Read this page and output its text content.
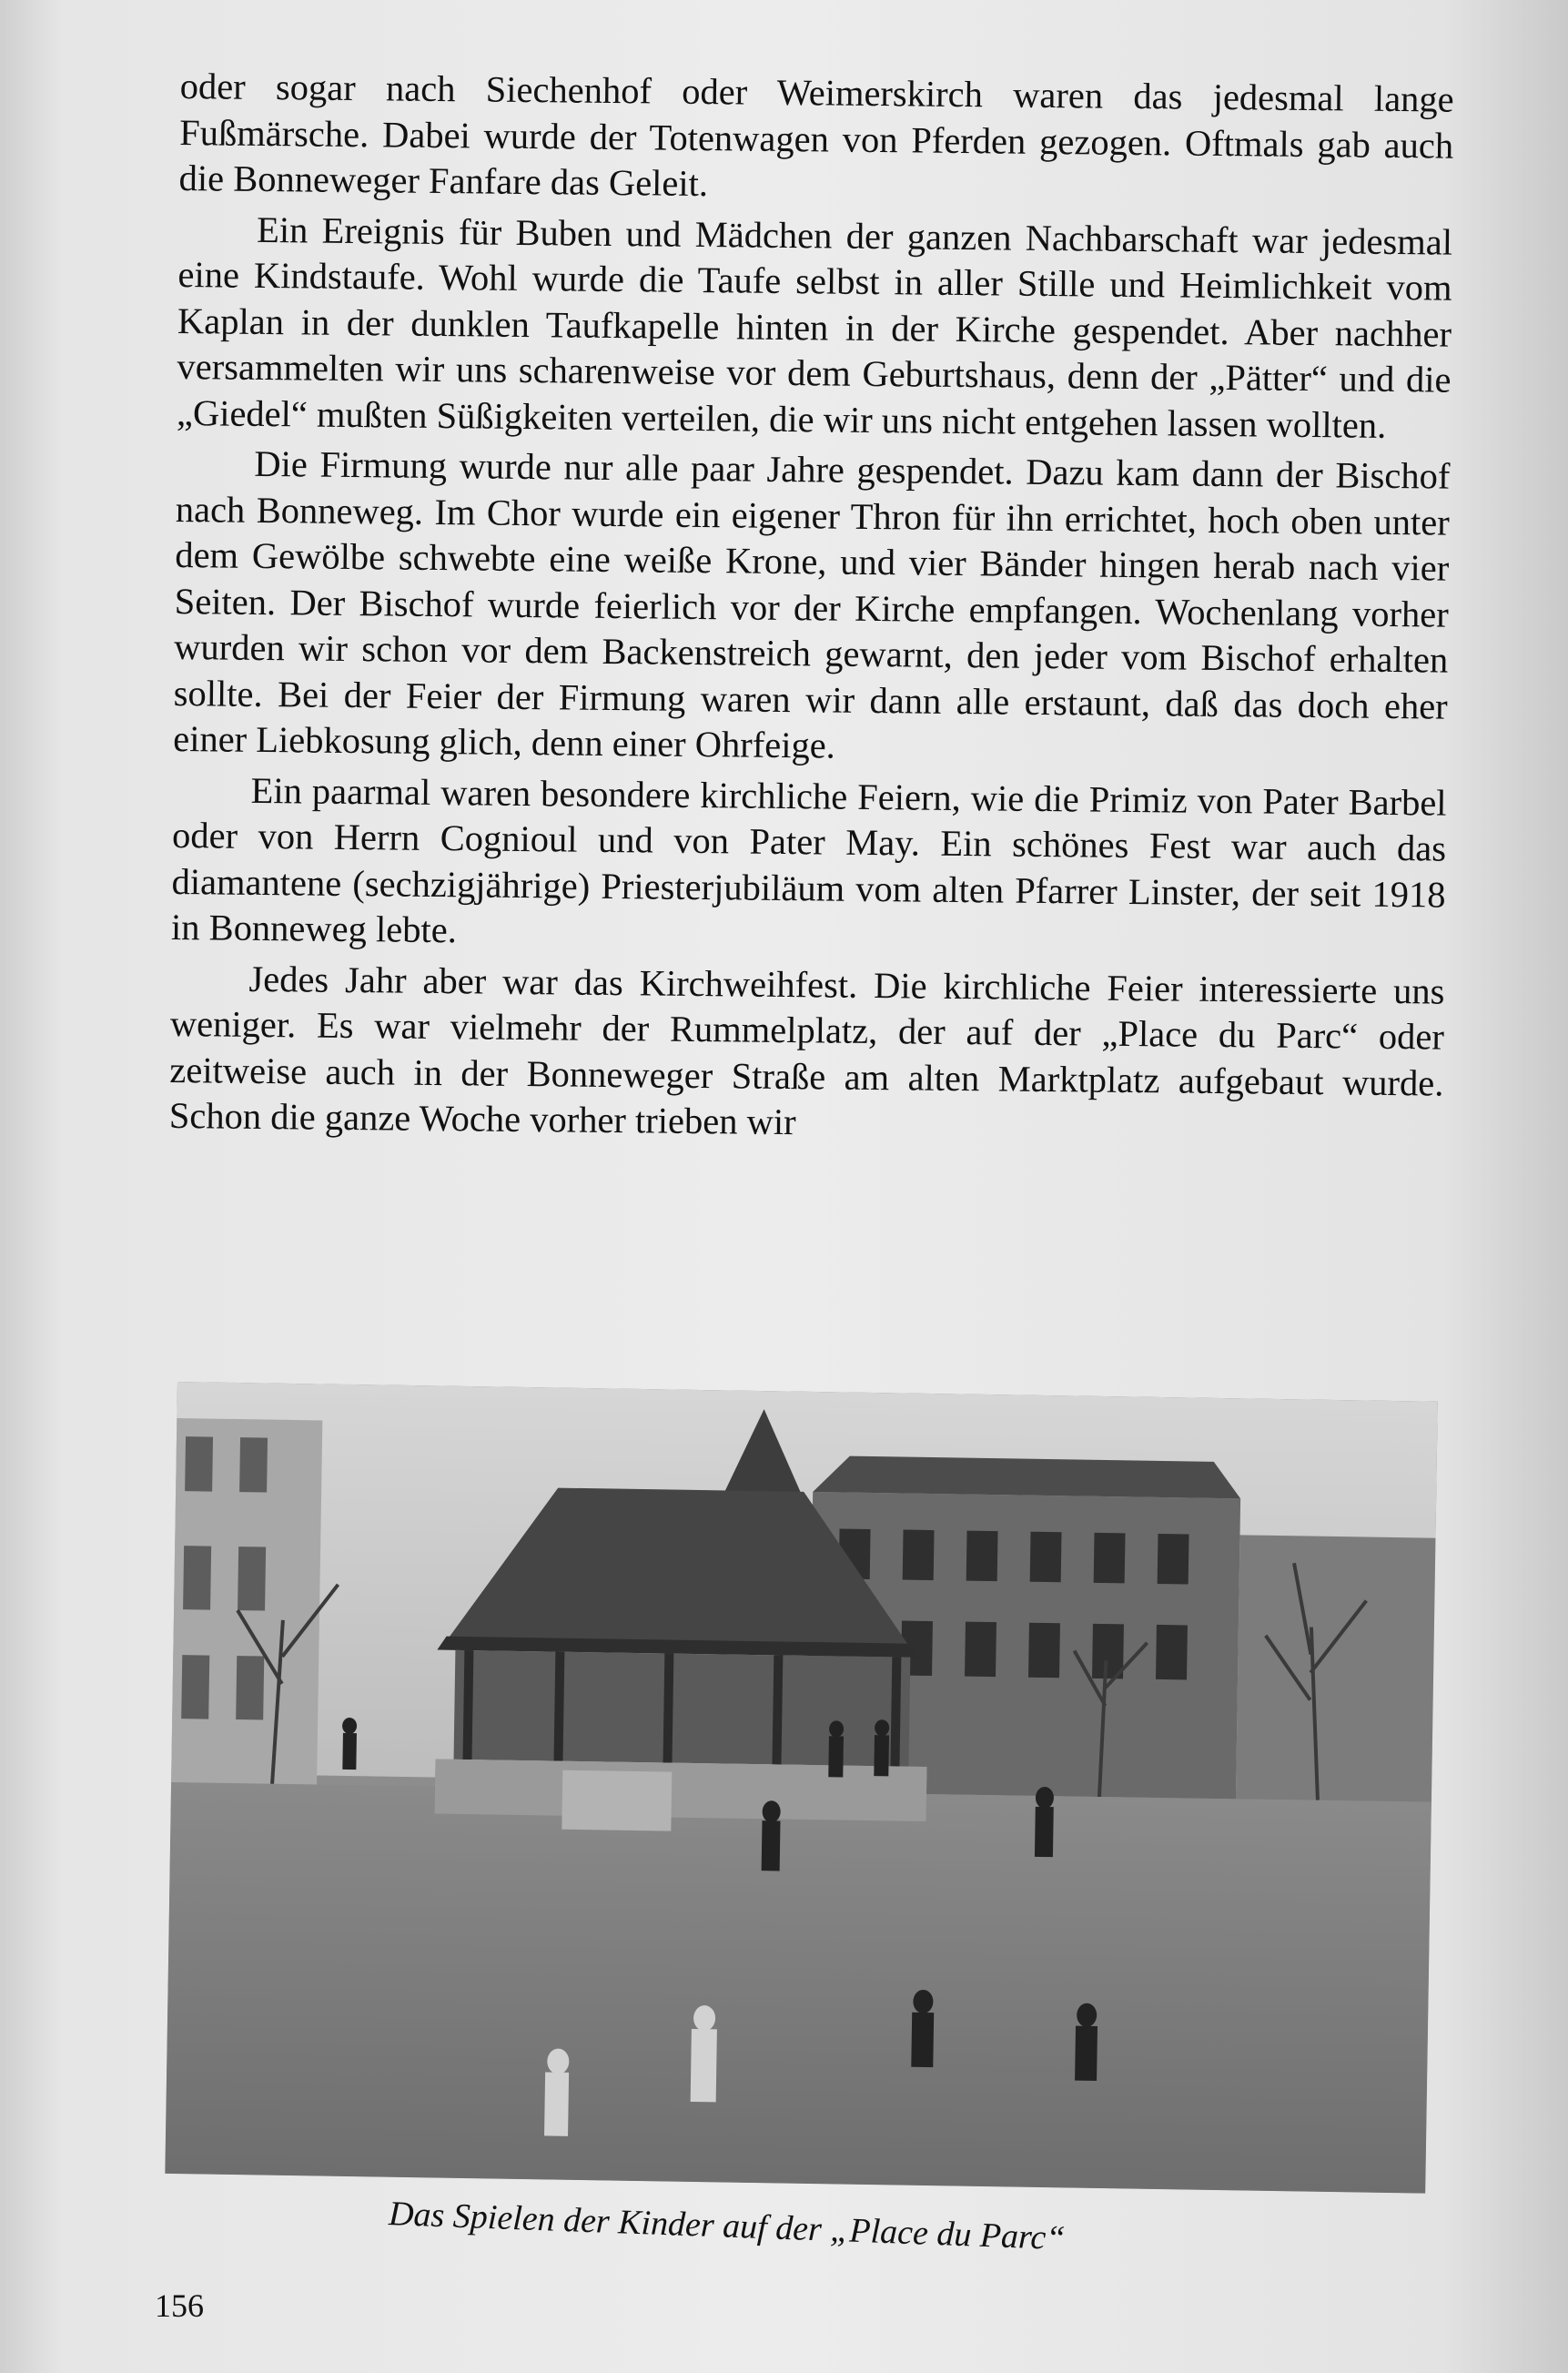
oder sogar nach Siechenhof oder Weimerskirch waren das jedesmal lange Fußmärsche. Dabei wurde der Totenwagen von Pferden gezogen. Oftmals gab auch die Bonneweger Fanfare das Geleit.

Ein Ereignis für Buben und Mädchen der ganzen Nachbarschaft war jedesmal eine Kindstaufe. Wohl wurde die Taufe selbst in aller Stille und Heimlichkeit vom Kaplan in der dunklen Taufkapelle hinten in der Kirche gespendet. Aber nachher versammelten wir uns scharenweise vor dem Geburtshaus, denn der „Pätter“ und die „Giedel“ mußten Süßigkeiten verteilen, die wir uns nicht entgehen lassen wollten.

Die Firmung wurde nur alle paar Jahre gespendet. Dazu kam dann der Bischof nach Bonneweg. Im Chor wurde ein eigener Thron für ihn errichtet, hoch oben unter dem Gewölbe schwebte eine weiße Krone, und vier Bänder hingen herab nach vier Seiten. Der Bischof wurde feierlich vor der Kirche empfangen. Wochenlang vorher wurden wir schon vor dem Backenstreich gewarnt, den jeder vom Bischof erhalten sollte. Bei der Feier der Firmung waren wir dann alle erstaunt, daß das doch eher einer Liebkosung glich, denn einer Ohrfeige.

Ein paarmal waren besondere kirchliche Feiern, wie die Primiz von Pater Barbel oder von Herrn Cognioul und von Pater May. Ein schönes Fest war auch das diamantene (sechzigjährige) Priesterjubiläum vom alten Pfarrer Linster, der seit 1918 in Bonneweg lebte.

Jedes Jahr aber war das Kirchweihfest. Die kirchliche Feier interessierte uns weniger. Es war vielmehr der Rummelplatz, der auf der „Place du Parc“ oder zeitweise auch in der Bonneweger Straße am alten Marktplatz aufgebaut wurde. Schon die ganze Woche vorher trieben wir

Das Spielen der Kinder auf der „Place du Parc“
156
